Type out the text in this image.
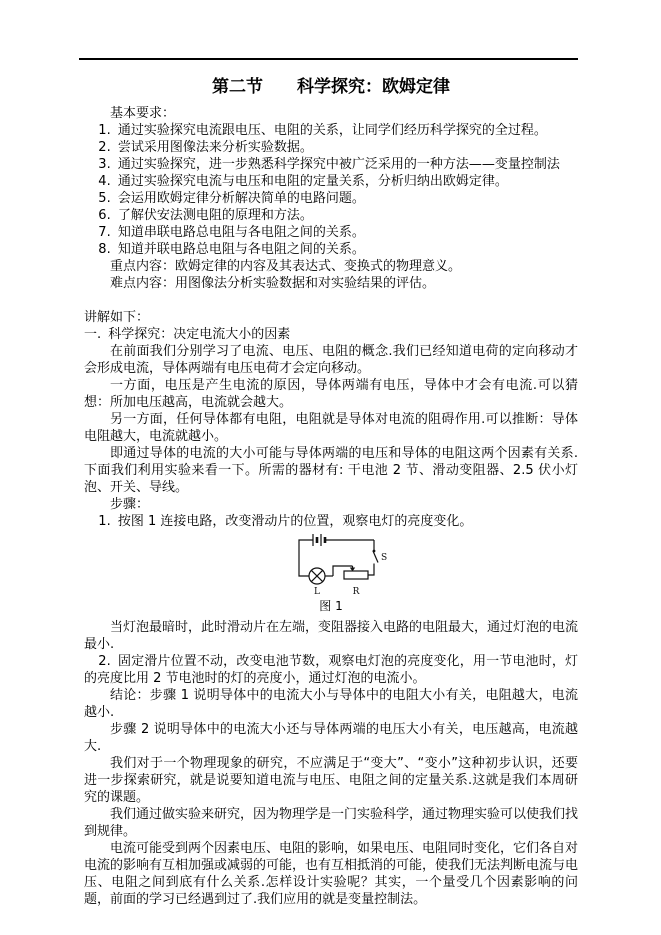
第二节　　科学探究：欧姆定律

基本要求：

1. 通过实验探究电流跟电压、电阻的关系，让同学们经历科学探究的全过程。

2. 尝试采用图像法来分析实验数据。

3. 通过实验探究，进一步熟悉科学探究中被广泛采用的一种方法——变量控制法

4. 通过实验探究电流与电压和电阻的定量关系，分析归纳出欧姆定律。

5. 会运用欧姆定律分析解决简单的电路问题。

6. 了解伏安法测电阻的原理和方法。

7. 知道串联电路总电阻与各电阻之间的关系。

8. 知道并联电路总电阻与各电阻之间的关系。

重点内容：欧姆定律的内容及其表达式、变换式的物理意义。

难点内容：用图像法分析实验数据和对实验结果的评估。

讲解如下：

一. 科学探究：决定电流大小的因素

在前面我们分别学习了电流、电压、电阻的概念.我们已经知道电荷的定向移动才会形成电流，导体两端有电压电荷才会定向移动。

一方面，电压是产生电流的原因，导体两端有电压，导体中才会有电流.可以猜想：所加电压越高，电流就会越大。

另一方面，任何导体都有电阻，电阻就是导体对电流的阻碍作用.可以推断：导体电阻越大，电流就越小。

即通过导体的电流的大小可能与导体两端的电压和导体的电阻这两个因素有关系. 下面我们利用实验来看一下。所需的器材有: 干电池 2 节、滑动变阻器、2.5 伏小灯泡、开关、导线。

步骤：

1. 按图 1 连接电路，改变滑动片的位置，观察电灯的亮度变化。

L	R
S
图 1

当灯泡最暗时，此时滑动片在左端，变阻器接入电路的电阻最大，通过灯泡的电流最小.

2. 固定滑片位置不动，改变电池节数，观察电灯泡的亮度变化，用一节电池时，灯的亮度比用 2 节电池时的灯的亮度小，通过灯泡的电流小。

结论：步骤 1 说明导体中的电流大小与导体中的电阻大小有关，电阻越大，电流越小.

步骤 2 说明导体中的电流大小还与导体两端的电压大小有关，电压越高，电流越大.

我们对于一个物理现象的研究，不应满足于“变大”、“变小”这种初步认识，还要进一步探索研究，就是说要知道电流与电压、电阻之间的定量关系.这就是我们本周研究的课题。

我们通过做实验来研究，因为物理学是一门实验科学，通过物理实验可以使我们找到规律。

电流可能受到两个因素电压、电阻的影响，如果电压、电阻同时变化，它们各自对电流的影响有互相加强或减弱的可能，也有互相抵消的可能，使我们无法判断电流与电压、电阻之间到底有什么关系.怎样设计实验呢？其实，一个量受几个因素影响的问题，前面的学习已经遇到过了.我们应用的就是变量控制法。
